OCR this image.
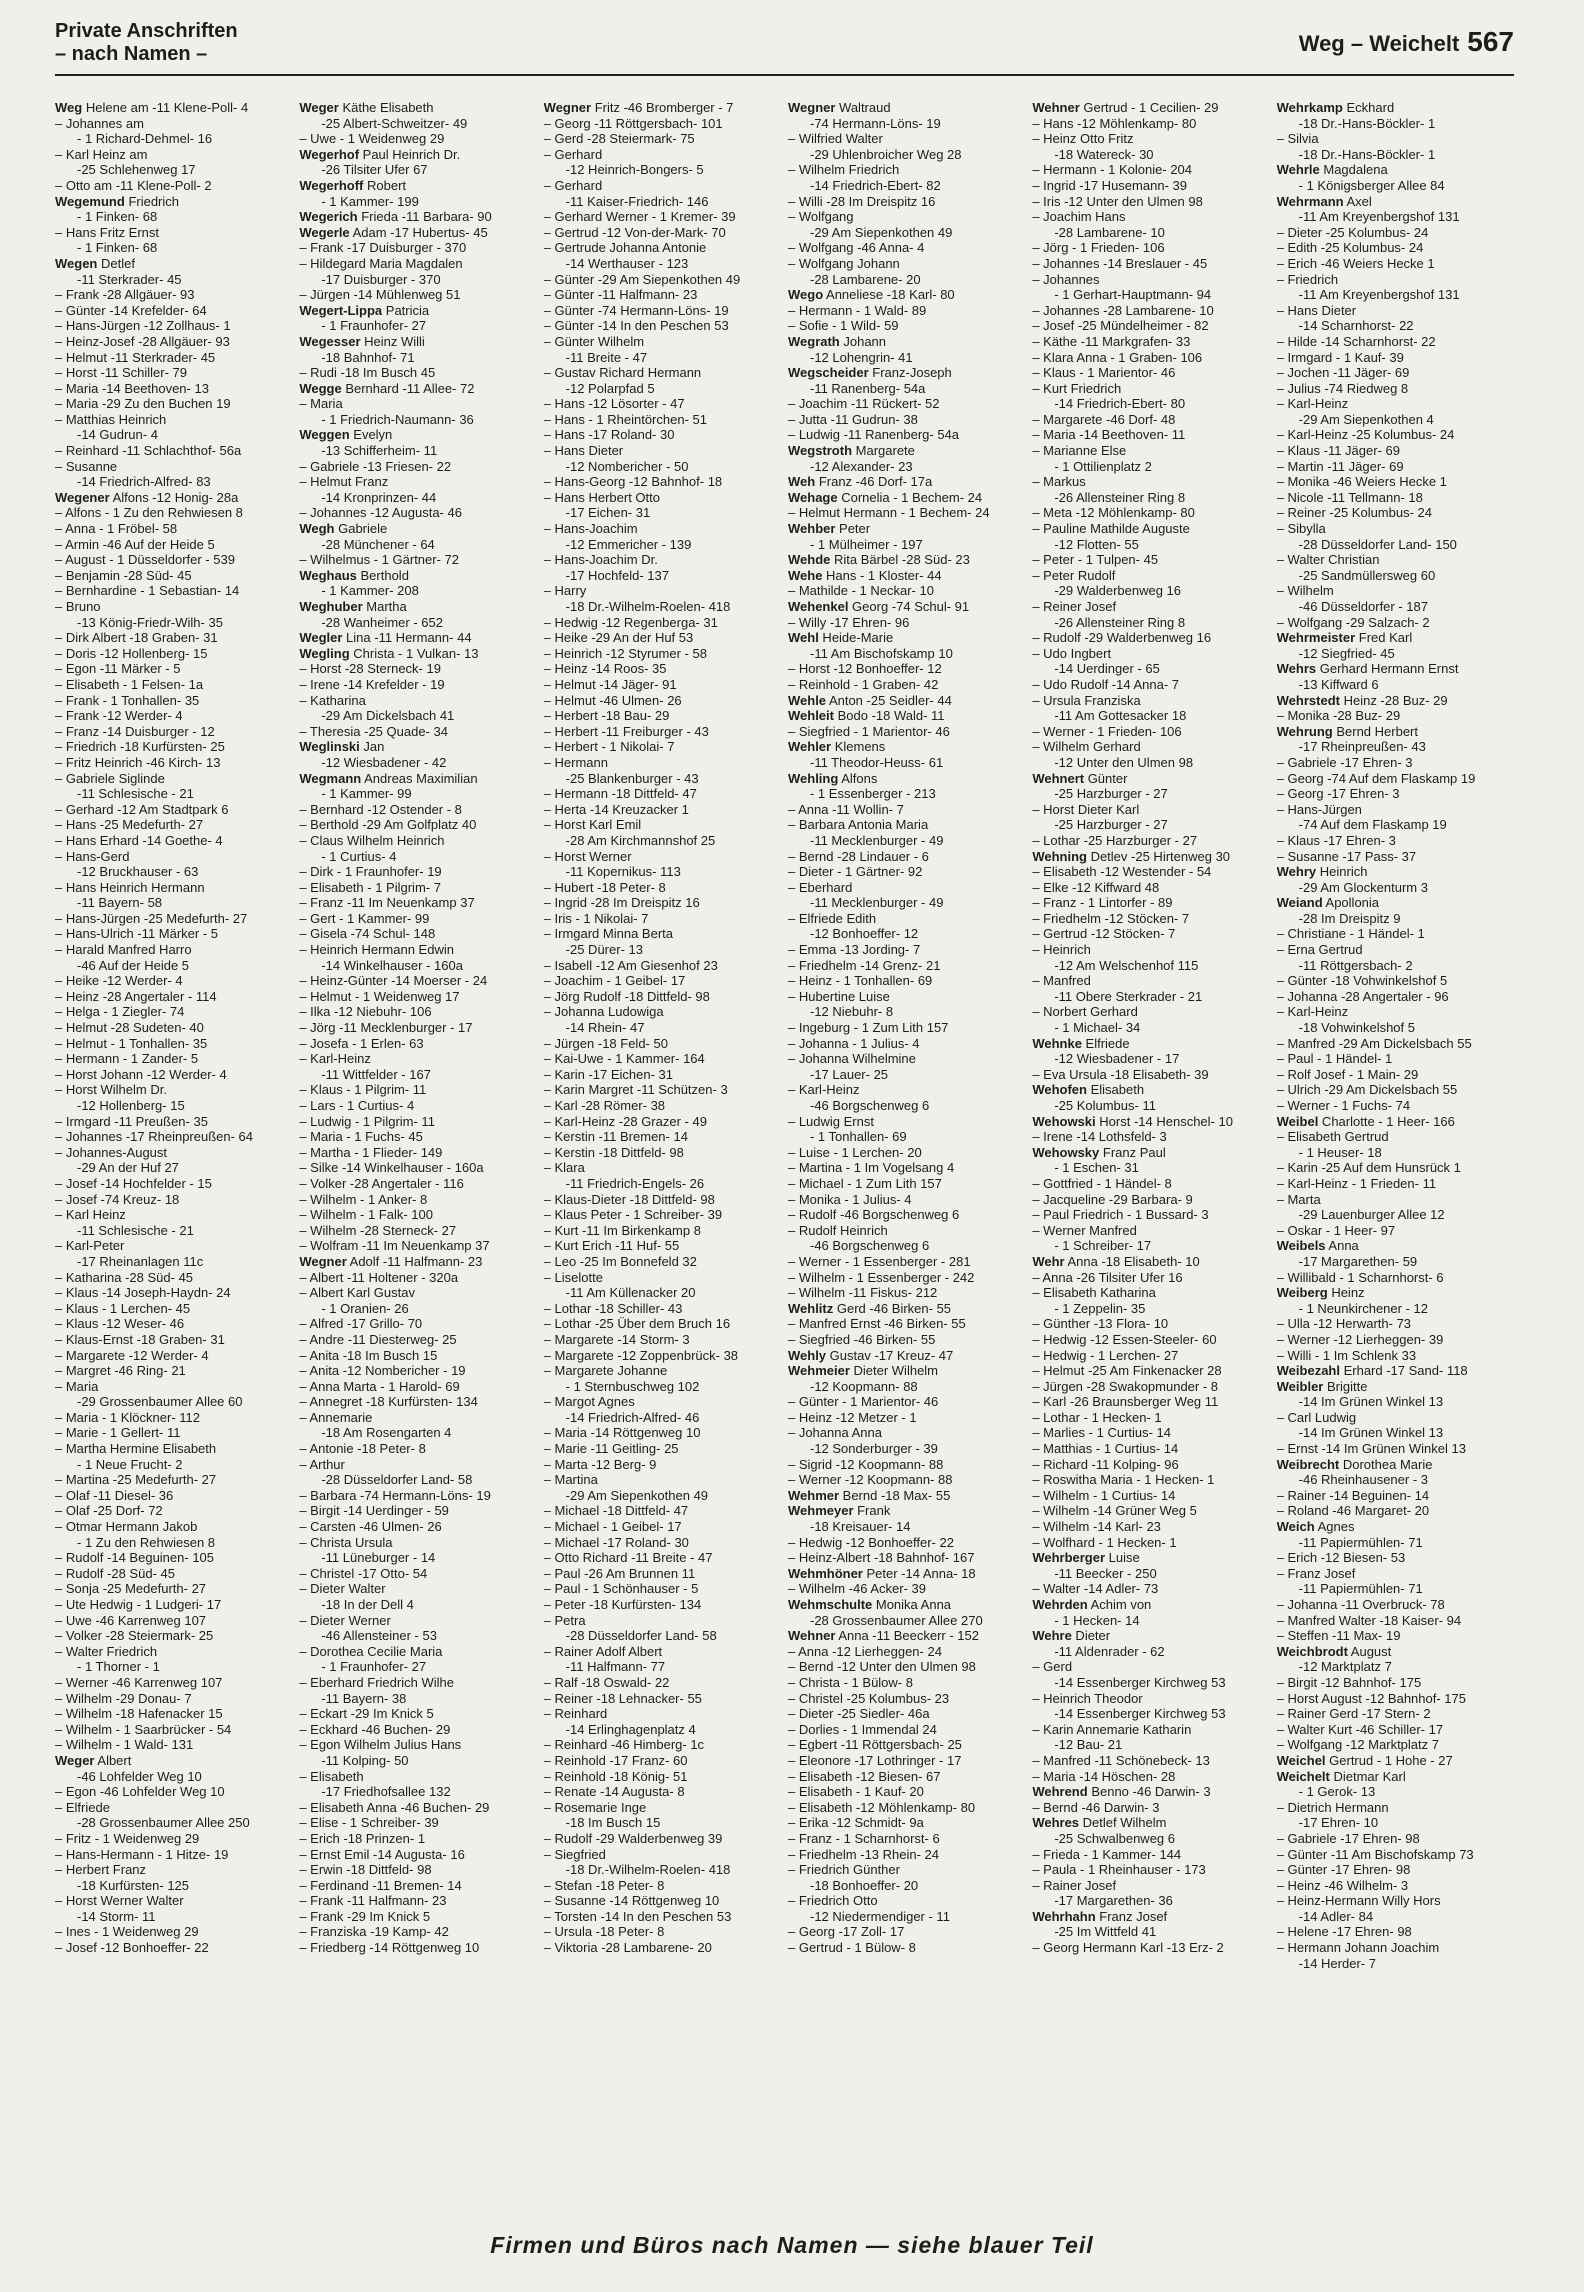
Private Anschriften
– nach Namen –	Weg – Weichelt 567
Weg Helene am -11 Klene-Poll- 4
– Johannes am
- 1 Richard-Dehmel- 16
– Karl Heinz am
-25 Schlehenweg 17
– Otto am -11 Klene-Poll- 2
Wegemund Friedrich
- 1 Finken- 68
– Hans Fritz Ernst
- 1 Finken- 68
Wegen Detlef
-11 Sterkrader- 45
– Frank -28 Allgäuer- 93
– Günter -14 Krefelder- 64
– Hans-Jürgen -12 Zollhaus- 1
– Heinz-Josef -28 Allgäuer- 93
– Helmut -11 Sterkrader- 45
– Horst -11 Schiller- 79
– Maria -14 Beethoven- 13
– Maria -29 Zu den Buchen 19
– Matthias Heinrich
-14 Gudrun- 4
– Reinhard -11 Schlachthof- 56a
– Susanne
-14 Friedrich-Alfred- 83
Wegener Alfons -12 Honig- 28a
– Alfons - 1 Zu den Rehwiesen 8
– Anna - 1 Fröbel- 58
– Armin -46 Auf der Heide 5
– August - 1 Düsseldorfer - 539
– Benjamin -28 Süd- 45
– Bernhardine - 1 Sebastian- 14
– Bruno
-13 König-Friedr-Wilh- 35
– Dirk Albert -18 Graben- 31
– Doris -12 Hollenberg- 15
– Egon -11 Märker - 5
– Elisabeth - 1 Felsen- 1a
– Frank - 1 Tonhallen- 35
– Frank -12 Werder- 4
– Franz -14 Duisburger - 12
– Friedrich -18 Kurfürsten- 25
– Fritz Heinrich -46 Kirch- 13
– Gabriele Siglinde
-11 Schlesische - 21
– Gerhard -12 Am Stadtpark 6
– Hans -25 Medefurth- 27
– Hans Erhard -14 Goethe- 4
– Hans-Gerd
-12 Bruckhauser - 63
– Hans Heinrich Hermann
-11 Bayern- 58
– Hans-Jürgen -25 Medefurth- 27
– Hans-Ulrich -11 Märker - 5
– Harald Manfred Harro
-46 Auf der Heide 5
– Heike -12 Werder- 4
– Heinz -28 Angertaler - 114
– Helga - 1 Ziegler- 74
– Helmut -28 Sudeten- 40
– Helmut - 1 Tonhallen- 35
– Hermann - 1 Zander- 5
– Horst Johann -12 Werder- 4
– Horst Wilhelm Dr.
-12 Hollenberg- 15
– Irmgard -11 Preußen- 35
– Johannes -17 Rheinpreußen- 64
– Johannes-August
-29 An der Huf 27
– Josef -14 Hochfelder - 15
– Josef -74 Kreuz- 18
– Karl Heinz
-11 Schlesische - 21
– Karl-Peter
-17 Rheinanlagen 11c
– Katharina -28 Süd- 45
– Klaus -14 Joseph-Haydn- 24
– Klaus - 1 Lerchen- 45
– Klaus -12 Weser- 46
– Klaus-Ernst -18 Graben- 31
– Margarete -12 Werder- 4
– Margret -46 Ring- 21
– Maria
-29 Grossenbaumer Allee 60
– Maria - 1 Klöckner- 112
– Marie - 1 Gellert- 11
– Martha Hermine Elisabeth
- 1 Neue Frucht- 2
– Martina -25 Medefurth- 27
– Olaf -11 Diesel- 36
– Olaf -25 Dorf- 72
– Otmar Hermann Jakob
- 1 Zu den Rehwiesen 8
– Rudolf -14 Beguinen- 105
– Rudolf -28 Süd- 45
– Sonja -25 Medefurth- 27
– Ute Hedwig - 1 Ludgeri- 17
– Uwe -46 Karrenweg 107
– Volker -28 Steiermark- 25
– Walter Friedrich
- 1 Thorner - 1
– Werner -46 Karrenweg 107
– Wilhelm -29 Donau- 7
– Wilhelm -18 Hafenacker 15
– Wilhelm - 1 Saarbrücker - 54
– Wilhelm - 1 Wald- 131
Weger Albert
-46 Lohfelder Weg 10
– Egon -46 Lohfelder Weg 10
– Elfriede
-28 Grossenbaumer Allee 250
– Fritz - 1 Weidenweg 29
– Hans-Hermann - 1 Hitze- 19
– Herbert Franz
-18 Kurfürsten- 125
– Horst Werner Walter
-14 Storm- 11
– Ines - 1 Weidenweg 29
– Josef -12 Bonhoeffer- 22
Weger Käthe Elisabeth
-25 Albert-Schweitzer- 49
– Uwe - 1 Weidenweg 29
Wegerhof Paul Heinrich Dr.
-26 Tilsiter Ufer 67
Wegerhoff Robert
- 1 Kammer- 199
Wegerich Frieda -11 Barbara- 90
Wegerle Adam -17 Hubertus- 45
– Frank -17 Duisburger - 370
– Hildegard Maria Magdalen
-17 Duisburger - 370
– Jürgen -14 Mühlenweg 51
Wegert-Lippa Patricia
- 1 Fraunhofer- 27
Wegesser Heinz Willi
-18 Bahnhof- 71
– Rudi -18 Im Busch 45
Wegge Bernhard -11 Allee- 72
– Maria
- 1 Friedrich-Naumann- 36
Weggen Evelyn
-13 Schifferheim- 11
– Gabriele -13 Friesen- 22
– Helmut Franz
-14 Kronprinzen- 44
– Johannes -12 Augusta- 46
Wegh Gabriele
-28 Münchener - 64
– Wilhelmus - 1 Gärtner- 72
Weghaus Berthold
- 1 Kammer- 208
Weghuber Martha
-28 Wanheimer - 652
Wegler Lina -11 Hermann- 44
Wegling Christa - 1 Vulkan- 13
– Horst -28 Sterneck- 19
– Irene -14 Krefelder - 19
– Katharina
-29 Am Dickelsbach 41
– Theresia -25 Quade- 34
Weglinski Jan
-12 Wiesbadener - 42
Wegmann Andreas Maximilian
- 1 Kammer- 99
– Bernhard -12 Ostender - 8
– Berthold -29 Am Golfplatz 40
– Claus Wilhelm Heinrich
- 1 Curtius- 4
– Dirk - 1 Fraunhofer- 19
– Elisabeth - 1 Pilgrim- 7
– Franz -11 Im Neuenkamp 37
– Gert - 1 Kammer- 99
– Gisela -74 Schul- 148
– Heinrich Hermann Edwin
-14 Winkelhauser - 160a
– Heinz-Günter -14 Moerser - 24
– Helmut - 1 Weidenweg 17
– Ilka -12 Niebuhr- 106
– Jörg -11 Mecklenburger - 17
– Josefa - 1 Erlen- 63
– Karl-Heinz
-11 Wittfelder - 167
– Klaus - 1 Pilgrim- 11
– Lars - 1 Curtius- 4
– Ludwig - 1 Pilgrim- 11
– Maria - 1 Fuchs- 45
– Martha - 1 Flieder- 149
– Silke -14 Winkelhauser - 160a
– Volker -28 Angertaler - 116
– Wilhelm - 1 Anker- 8
– Wilhelm - 1 Falk- 100
– Wilhelm -28 Sterneck- 27
– Wolfram -11 Im Neuenkamp 37
Wegner Adolf -11 Halfmann- 23
– Albert -11 Holtener - 320a
– Albert Karl Gustav
- 1 Oranien- 26
– Alfred -17 Grillo- 70
– Andre -11 Diesterweg- 25
– Anita -18 Im Busch 15
– Anita -12 Nombericher - 19
– Anna Marta - 1 Harold- 69
– Annegret -18 Kurfürsten- 134
– Annemarie
-18 Am Rosengarten 4
– Antonie -18 Peter- 8
– Arthur
-28 Düsseldorfer Land- 58
– Barbara -74 Hermann-Löns- 19
– Birgit -14 Uerdinger - 59
– Carsten -46 Ulmen- 26
– Christa Ursula
-11 Lüneburger - 14
– Christel -17 Otto- 54
– Dieter Walter
-18 In der Dell 4
– Dieter Werner
-46 Allensteiner - 53
– Dorothea Cecilie Maria
- 1 Fraunhofer- 27
– Eberhard Friedrich Wilhe
-11 Bayern- 38
– Eckart -29 Im Knick 5
– Eckhard -46 Buchen- 29
– Egon Wilhelm Julius Hans
-11 Kolping- 50
– Elisabeth
-17 Friedhofsallee 132
– Elisabeth Anna -46 Buchen- 29
– Elise - 1 Schreiber- 39
– Erich -18 Prinzen- 1
– Ernst Emil -14 Augusta- 16
– Erwin -18 Dittfeld- 98
– Ferdinand -11 Bremen- 14
– Frank -11 Halfmann- 23
– Frank -29 Im Knick 5
– Franziska -19 Kamp- 42
– Friedberg -14 Röttgenweg 10
Wegner Fritz -46 Bromberger - 7
– Georg -11 Röttgersbach- 101
– Gerd -28 Steiermark- 75
– Gerhard
-12 Heinrich-Bongers- 5
– Gerhard
-11 Kaiser-Friedrich- 146
– Gerhard Werner - 1 Kremer- 39
– Gertrud -12 Von-der-Mark- 70
– Gertrude Johanna Antonie
-14 Werthauser - 123
– Günter -29 Am Siepenkothen 49
– Günter -11 Halfmann- 23
– Günter -74 Hermann-Löns- 19
– Günter -14 In den Peschen 53
– Günter Wilhelm
-11 Breite - 47
– Gustav Richard Hermann
-12 Polarpfad 5
– Hans -12 Lösorter - 47
– Hans - 1 Rheintörchen- 51
– Hans -17 Roland- 30
– Hans Dieter
-12 Nombericher - 50
– Hans-Georg -12 Bahnhof- 18
– Hans Herbert Otto
-17 Eichen- 31
– Hans-Joachim
-12 Emmericher - 139
– Hans-Joachim Dr.
-17 Hochfeld- 137
– Harry
-18 Dr.-Wilhelm-Roelen- 418
– Hedwig -12 Regenberga- 31
– Heike -29 An der Huf 53
– Heinrich -12 Styrumer - 58
– Heinz -14 Roos- 35
– Helmut -14 Jäger- 91
– Helmut -46 Ulmen- 26
– Herbert -18 Bau- 29
– Herbert -11 Freiburger - 43
– Herbert - 1 Nikolai- 7
– Hermann
-25 Blankenburger - 43
– Hermann -18 Dittfeld- 47
– Herta -14 Kreuzacker 1
– Horst Karl Emil
-28 Am Kirchmannshof 25
– Horst Werner
-11 Kopernikus- 113
– Hubert -18 Peter- 8
– Ingrid -28 Im Dreispitz 16
– Iris - 1 Nikolai- 7
– Irmgard Minna Berta
-25 Dürer- 13
– Isabell -12 Am Giesenhof 23
– Joachim - 1 Geibel- 17
– Jörg Rudolf -18 Dittfeld- 98
– Johanna Ludowiga
-14 Rhein- 47
– Jürgen -18 Feld- 50
– Kai-Uwe - 1 Kammer- 164
– Karin -17 Eichen- 31
– Karin Margret -11 Schützen- 3
– Karl -28 Römer- 38
– Karl-Heinz -28 Grazer - 49
– Kerstin -11 Bremen- 14
– Kerstin -18 Dittfeld- 98
– Klara
-11 Friedrich-Engels- 26
– Klaus-Dieter -18 Dittfeld- 98
– Klaus Peter - 1 Schreiber- 39
– Kurt -11 Im Birkenkamp 8
– Kurt Erich -11 Huf- 55
– Leo -25 Im Bonnefeld 32
– Liselotte
-11 Am Küllenacker 20
– Lothar -18 Schiller- 43
– Lothar -25 Über dem Bruch 16
– Margarete -14 Storm- 3
– Margarete -12 Zoppenbrück- 38
– Margarete Johanne
- 1 Sternbuschweg 102
– Margot Agnes
-14 Friedrich-Alfred- 46
– Maria -14 Röttgenweg 10
– Marie -11 Geitling- 25
– Marta -12 Berg- 9
– Martina
-29 Am Siepenkothen 49
– Michael -18 Dittfeld- 47
– Michael - 1 Geibel- 17
– Michael -17 Roland- 30
– Otto Richard -11 Breite - 47
– Paul -26 Am Brunnen 11
– Paul - 1 Schönhauser - 5
– Peter -18 Kurfürsten- 134
– Petra
-28 Düsseldorfer Land- 58
– Rainer Adolf Albert
-11 Halfmann- 77
– Ralf -18 Oswald- 22
– Reiner -18 Lehnacker- 55
– Reinhard
-14 Erlinghagenplatz 4
– Reinhard -46 Himberg- 1c
– Reinhold -17 Franz- 60
– Reinhold -18 König- 51
– Renate -14 Augusta- 8
– Rosemarie Inge
-18 Im Busch 15
– Rudolf -29 Walderbenweg 39
– Siegfried
-18 Dr.-Wilhelm-Roelen- 418
– Stefan -18 Peter- 8
– Susanne -14 Röttgenweg 10
– Torsten -14 In den Peschen 53
– Ursula -18 Peter- 8
– Viktoria -28 Lambarene- 20
Wegner Waltraud
-74 Hermann-Löns- 19
– Wilfried Walter
-29 Uhlenbroicher Weg 28
– Wilhelm Friedrich
-14 Friedrich-Ebert- 82
– Willi -28 Im Dreispitz 16
– Wolfgang
-29 Am Siepenkothen 49
– Wolfgang -46 Anna- 4
– Wolfgang Johann
-28 Lambarene- 20
Wego Anneliese -18 Karl- 80
– Hermann - 1 Wald- 89
– Sofie - 1 Wild- 59
Wegrath Johann
-12 Lohengrin- 41
Wegscheider Franz-Joseph
-11 Ranenberg- 54a
– Joachim -11 Rückert- 52
– Jutta -11 Gudrun- 38
– Ludwig -11 Ranenberg- 54a
Wegstroth Margarete
-12 Alexander- 23
Weh Franz -46 Dorf- 17a
Wehage Cornelia - 1 Bechem- 24
– Helmut Hermann - 1 Bechem- 24
Wehber Peter
- 1 Mülheimer - 197
Wehde Rita Bärbel -28 Süd- 23
Wehe Hans - 1 Kloster- 44
– Mathilde - 1 Neckar- 10
Wehenkel Georg -74 Schul- 91
– Willy -17 Ehren- 96
Wehl Heide-Marie
-11 Am Bischofskamp 10
– Horst -12 Bonhoeffer- 12
– Reinhold - 1 Graben- 42
Wehle Anton -25 Seidler- 44
Wehleit Bodo -18 Wald- 11
– Siegfried - 1 Marientor- 46
Wehler Klemens
-11 Theodor-Heuss- 61
Wehling Alfons
- 1 Essenberger - 213
– Anna -11 Wollin- 7
– Barbara Antonia Maria
-11 Mecklenburger - 49
– Bernd -28 Lindauer - 6
– Dieter - 1 Gärtner- 92
– Eberhard
-11 Mecklenburger - 49
– Elfriede Edith
-12 Bonhoeffer- 12
– Emma -13 Jording- 7
– Friedhelm -14 Grenz- 21
– Heinz - 1 Tonhallen- 69
– Hubertine Luise
-12 Niebuhr- 8
– Ingeburg - 1 Zum Lith 157
– Johanna - 1 Julius- 4
– Johanna Wilhelmine
-17 Lauer- 25
– Karl-Heinz
-46 Borgschenweg 6
– Ludwig Ernst
- 1 Tonhallen- 69
– Luise - 1 Lerchen- 20
– Martina - 1 Im Vogelsang 4
– Michael - 1 Zum Lith 157
– Monika - 1 Julius- 4
– Rudolf -46 Borgschenweg 6
– Rudolf Heinrich
-46 Borgschenweg 6
– Werner - 1 Essenberger - 281
– Wilhelm - 1 Essenberger - 242
– Wilhelm -11 Fiskus- 212
Wehlitz Gerd -46 Birken- 55
– Manfred Ernst -46 Birken- 55
– Siegfried -46 Birken- 55
Wehly Gustav -17 Kreuz- 47
Wehmeier Dieter Wilhelm
-12 Koopmann- 88
– Günter - 1 Marientor- 46
– Heinz -12 Metzer - 1
– Johanna Anna
-12 Sonderburger - 39
– Sigrid -12 Koopmann- 88
– Werner -12 Koopmann- 88
Wehmer Bernd -18 Max- 55
Wehmeyer Frank
-18 Kreisauer- 14
– Hedwig -12 Bonhoeffer- 22
– Heinz-Albert -18 Bahnhof- 167
Wehmhöner Peter -14 Anna- 18
– Wilhelm -46 Acker- 39
Wehmschulte Monika Anna
-28 Grossenbaumer Allee 270
Wehner Anna -11 Beeckerr - 152
– Anna -12 Lierheggen- 24
– Bernd -12 Unter den Ulmen 98
– Christa - 1 Bülow- 8
– Christel -25 Kolumbus- 23
– Dieter -25 Siedler- 46a
– Dorlies - 1 Immendal 24
– Egbert -11 Röttgersbach- 25
– Eleonore -17 Lothringer - 17
– Elisabeth -12 Biesen- 67
– Elisabeth - 1 Kauf- 20
– Elisabeth -12 Möhlenkamp- 80
– Erika -12 Schmidt- 9a
– Franz - 1 Scharnhorst- 6
– Friedhelm -13 Rhein- 24
– Friedrich Günther
-18 Bonhoeffer- 20
– Friedrich Otto
-12 Niedermendiger - 11
– Georg -17 Zoll- 17
– Gertrud - 1 Bülow- 8
Wehner Gertrud - 1 Cecilien- 29
– Hans -12 Möhlenkamp- 80
– Heinz Otto Fritz
-18 Watereck- 30
– Hermann - 1 Kolonie- 204
– Ingrid -17 Husemann- 39
– Iris -12 Unter den Ulmen 98
– Joachim Hans
-28 Lambarene- 10
– Jörg - 1 Frieden- 106
– Johannes -14 Breslauer - 45
– Johannes
- 1 Gerhart-Hauptmann- 94
– Johannes -28 Lambarene- 10
– Josef -25 Mündelheimer - 82
– Käthe -11 Markgrafen- 33
– Klara Anna - 1 Graben- 106
– Klaus - 1 Marientor- 46
– Kurt Friedrich
-14 Friedrich-Ebert- 80
– Margarete -46 Dorf- 48
– Maria -14 Beethoven- 11
– Marianne Else
- 1 Ottilienplatz 2
– Markus
-26 Allensteiner Ring 8
– Meta -12 Möhlenkamp- 80
– Pauline Mathilde Auguste
-12 Flotten- 55
– Peter - 1 Tulpen- 45
– Peter Rudolf
-29 Walderbenweg 16
– Reiner Josef
-26 Allensteiner Ring 8
– Rudolf -29 Walderbenweg 16
– Udo Ingbert
-14 Uerdinger - 65
– Udo Rudolf -14 Anna- 7
– Ursula Franziska
-11 Am Gottesacker 18
– Werner - 1 Frieden- 106
– Wilhelm Gerhard
-12 Unter den Ulmen 98
Wehnert Günter
-25 Harzburger - 27
– Horst Dieter Karl
-25 Harzburger - 27
– Lothar -25 Harzburger - 27
Wehning Detlev -25 Hirtenweg 30
– Elisabeth -12 Westender - 54
– Elke -12 Kiffward 48
– Franz - 1 Lintorfer - 89
– Friedhelm -12 Stöcken- 7
– Gertrud -12 Stöcken- 7
– Heinrich
-12 Am Welschenhof 115
– Manfred
-11 Obere Sterkrader - 21
– Norbert Gerhard
- 1 Michael- 34
Wehnke Elfriede
-12 Wiesbadener - 17
– Eva Ursula -18 Elisabeth- 39
Wehofen Elisabeth
-25 Kolumbus- 11
Wehowski Horst -14 Henschel- 10
– Irene -14 Lothsfeld- 3
Wehowsky Franz Paul
- 1 Eschen- 31
– Gottfried - 1 Händel- 8
– Jacqueline -29 Barbara- 9
– Paul Friedrich - 1 Bussard- 3
– Werner Manfred
- 1 Schreiber- 17
Wehr Anna -18 Elisabeth- 10
– Anna -26 Tilsiter Ufer 16
– Elisabeth Katharina
- 1 Zeppelin- 35
– Günther -13 Flora- 10
– Hedwig -12 Essen-Steeler- 60
– Hedwig - 1 Lerchen- 27
– Helmut -25 Am Finkenacker 28
– Jürgen -28 Swakopmunder - 8
– Karl -26 Braunsberger Weg 11
– Lothar - 1 Hecken- 1
– Marlies - 1 Curtius- 14
– Matthias - 1 Curtius- 14
– Richard -11 Kolping- 96
– Roswitha Maria - 1 Hecken- 1
– Wilhelm - 1 Curtius- 14
– Wilhelm -14 Grüner Weg 5
– Wilhelm -14 Karl- 23
– Wolfhard - 1 Hecken- 1
Wehrberger Luise
-11 Beecker - 250
– Walter -14 Adler- 73
Wehrden Achim von
- 1 Hecken- 14
Wehre Dieter
-11 Aldenrader - 62
– Gerd
-14 Essenberger Kirchweg 53
– Heinrich Theodor
-14 Essenberger Kirchweg 53
– Karin Annemarie Katharin
-12 Bau- 21
– Manfred -11 Schönebeck- 13
– Maria -14 Höschen- 28
Wehrend Benno -46 Darwin- 3
– Bernd -46 Darwin- 3
Wehres Detlef Wilhelm
-25 Schwalbenweg 6
– Frieda - 1 Kammer- 144
– Paula - 1 Rheinhauser - 173
– Rainer Josef
-17 Margarethen- 36
Wehrhahn Franz Josef
-25 Im Wittfeld 41
– Georg Hermann Karl -13 Erz- 2
Wehrkamp Eckhard
-18 Dr.-Hans-Böckler- 1
– Silvia
-18 Dr.-Hans-Böckler- 1
Wehrle Magdalena
- 1 Königsberger Allee 84
Wehrmann Axel
-11 Am Kreyenbergshof 131
– Dieter -25 Kolumbus- 24
– Edith -25 Kolumbus- 24
– Erich -46 Weiers Hecke 1
– Friedrich
-11 Am Kreyenbergshof 131
– Hans Dieter
-14 Scharnhorst- 22
– Hilde -14 Scharnhorst- 22
– Irmgard - 1 Kauf- 39
– Jochen -11 Jäger- 69
– Julius -74 Riedweg 8
– Karl-Heinz
-29 Am Siepenkothen 4
– Karl-Heinz -25 Kolumbus- 24
– Klaus -11 Jäger- 69
– Martin -11 Jäger- 69
– Monika -46 Weiers Hecke 1
– Nicole -11 Tellmann- 18
– Reiner -25 Kolumbus- 24
– Sibylla
-28 Düsseldorfer Land- 150
– Walter Christian
-25 Sandmüllersweg 60
– Wilhelm
-46 Düsseldorfer - 187
– Wolfgang -29 Salzach- 2
Wehrmeister Fred Karl
-12 Siegfried- 45
Wehrs Gerhard Hermann Ernst
-13 Kiffward 6
Wehrstedt Heinz -28 Buz- 29
– Monika -28 Buz- 29
Wehrung Bernd Herbert
-17 Rheinpreußen- 43
– Gabriele -17 Ehren- 3
– Georg -74 Auf dem Flaskamp 19
– Georg -17 Ehren- 3
– Hans-Jürgen
-74 Auf dem Flaskamp 19
– Klaus -17 Ehren- 3
– Susanne -17 Pass- 37
Wehry Heinrich
-29 Am Glockenturm 3
Weiand Apollonia
-28 Im Dreispitz 9
– Christiane - 1 Händel- 1
– Erna Gertrud
-11 Röttgersbach- 2
– Günter -18 Vohwinkelshof 5
– Johanna -28 Angertaler - 96
– Karl-Heinz
-18 Vohwinkelshof 5
– Manfred -29 Am Dickelsbach 55
– Paul - 1 Händel- 1
– Rolf Josef - 1 Main- 29
– Ulrich -29 Am Dickelsbach 55
– Werner - 1 Fuchs- 74
Weibel Charlotte - 1 Heer- 166
– Elisabeth Gertrud
- 1 Heuser- 18
– Karin -25 Auf dem Hunsrück 1
– Karl-Heinz - 1 Frieden- 11
– Marta
-29 Lauenburger Allee 12
– Oskar - 1 Heer- 97
Weibels Anna
-17 Margarethen- 59
– Willibald - 1 Scharnhorst- 6
Weiberg Heinz
- 1 Neunkirchener - 12
– Ulla -12 Herwarth- 73
– Werner -12 Lierheggen- 39
– Willi - 1 Im Schlenk 33
Weibezahl Erhard -17 Sand- 118
Weibler Brigitte
-14 Im Grünen Winkel 13
– Carl Ludwig
-14 Im Grünen Winkel 13
– Ernst -14 Im Grünen Winkel 13
Weibrecht Dorothea Marie
-46 Rheinhausener - 3
– Rainer -14 Beguinen- 14
– Roland -46 Margaret- 20
Weich Agnes
-11 Papiermühlen- 71
– Erich -12 Biesen- 53
– Franz Josef
-11 Papiermühlen- 71
– Johanna -11 Overbruck- 78
– Manfred Walter -18 Kaiser- 94
– Steffen -11 Max- 19
Weichbrodt August
-12 Marktplatz 7
– Birgit -12 Bahnhof- 175
– Horst August -12 Bahnhof- 175
– Rainer Gerd -17 Stern- 2
– Walter Kurt -46 Schiller- 17
– Wolfgang -12 Marktplatz 7
Weichel Gertrud - 1 Hohe - 27
Weichelt Dietmar Karl
- 1 Gerok- 13
– Dietrich Hermann
-17 Ehren- 10
– Gabriele -17 Ehren- 98
– Günter -11 Am Bischofskamp 73
– Günter -17 Ehren- 98
– Heinz -46 Wilhelm- 3
– Heinz-Hermann Willy Hors
-14 Adler- 84
– Helene -17 Ehren- 98
– Hermann Johann Joachim
-14 Herder- 7
Firmen und Büros nach Namen — siehe blauer Teil
